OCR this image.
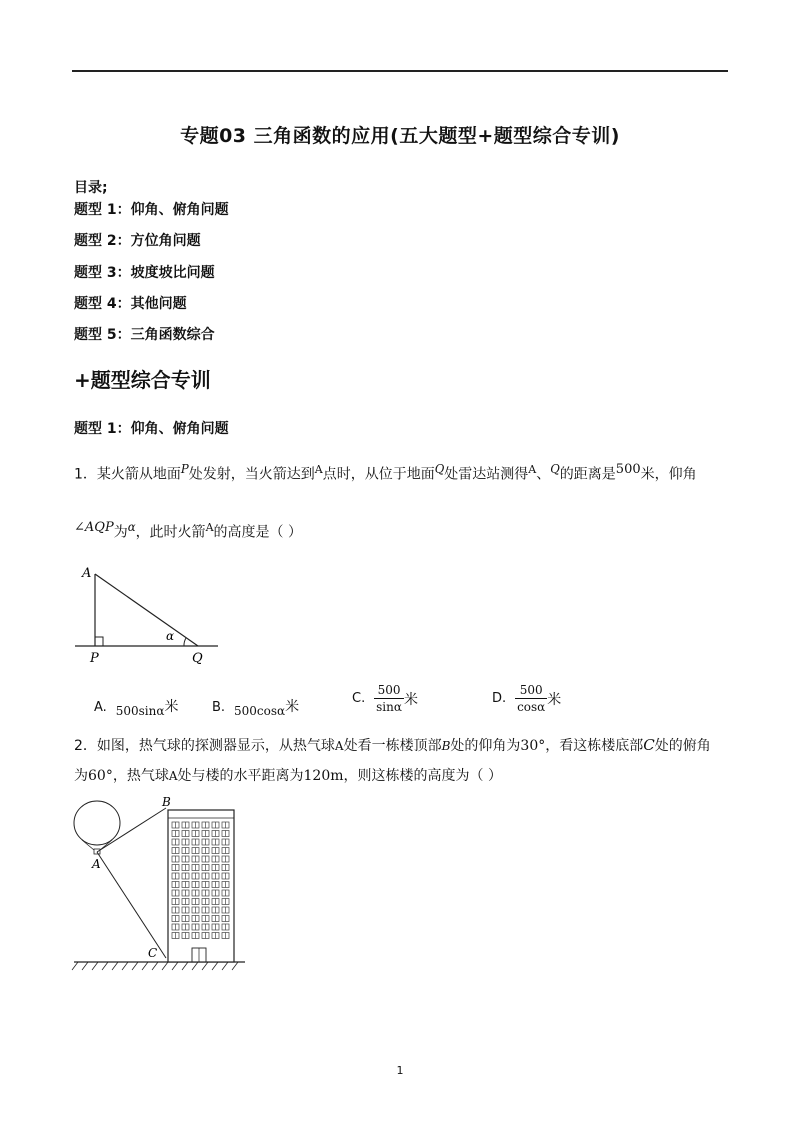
专题03 三角函数的应用(五大题型+题型综合专训)
目录;
题型 1：仰角、俯角问题
题型 2：方位角问题
题型 3：坡度坡比问题
题型 4：其他问题
题型 5：三角函数综合
+题型综合专训
题型 1：仰角、俯角问题
1．某火箭从地面$^P$处发射，当火箭达到$^A$点时，从位于地面$^Q$处雷达站测得$^A$、$^Q$的距离是$^{500}$米，仰角
$^{\angle AQP}$为$^\alpha$，此时火箭$^A$的高度是（ ）
A
P	Q
α
A. 500sinα米	B. 500cosα米
C.
$\frac{500}{\sin\alpha}$ 米	D.
$\frac{500}{\cos\alpha}$ 米
2．如图，热气球的探测器显示，从热气球A处看一栋楼顶部B处的仰角为30°，看这栋楼底部C处的俯角
为60°，热气球A处与楼的水平距离为120m，则这栋楼的高度为（ ）
B
A
C
1
